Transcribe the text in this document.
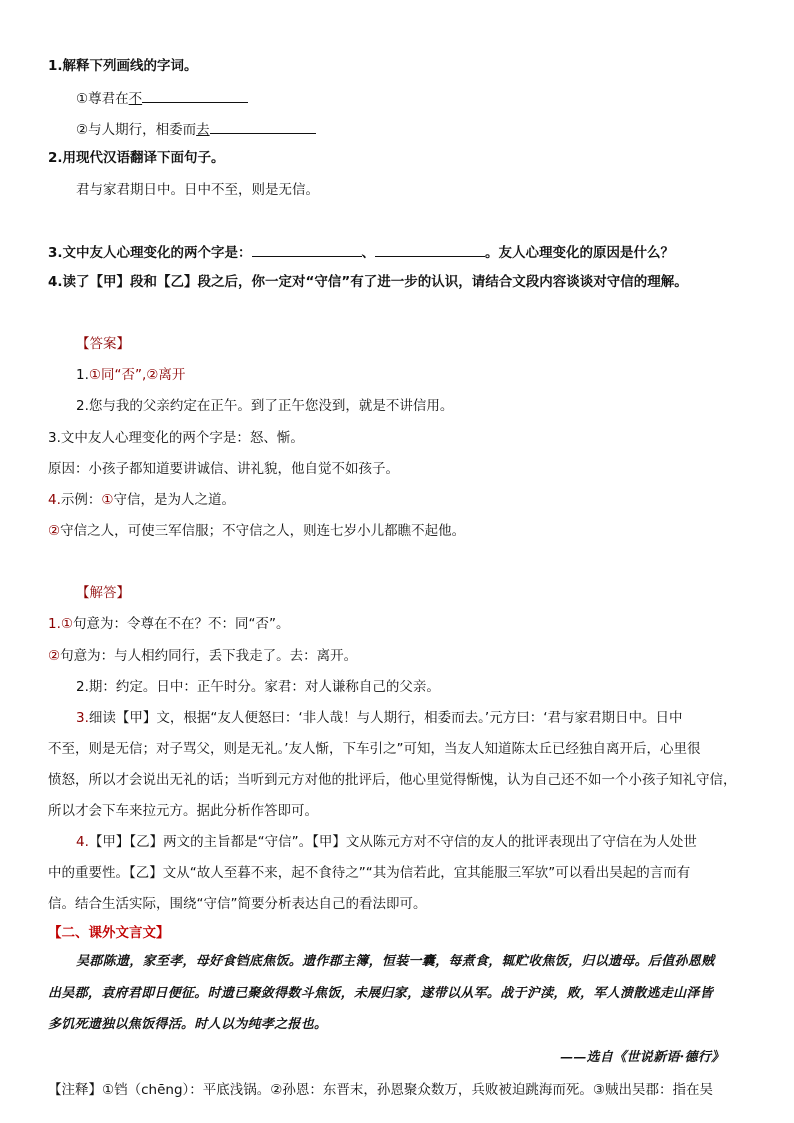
1.解释下列画线的字词。
①尊君在不
②与人期行，相委而去
2.用现代汉语翻译下面句子。
君与家君期日中。日中不至，则是无信。
3.文中友人心理变化的两个字是：	、	。友人心理变化的原因是什么？
4.读了【甲】段和【乙】段之后，你一定对“守信”有了进一步的认识，请结合文段内容谈谈对守信的理解。
【答案】
1.①同“否”,②离开
2.您与我的父亲约定在正午。到了正午您没到，就是不讲信用。
3.文中友人心理变化的两个字是：怒、惭。
原因：小孩子都知道要讲诚信、讲礼貌，他自觉不如孩子。
4.示例：①守信，是为人之道。
②守信之人，可使三军信服；不守信之人，则连七岁小儿都瞧不起他。
【解答】
1.①句意为：令尊在不在？不：同“否”。
②句意为：与人相约同行，丢下我走了。去：离开。
2.期：约定。日中：正午时分。家君：对人谦称自己的父亲。
3.细读【甲】文，根据“友人便怒曰：‘非人哉！与人期行，相委而去。’元方曰：‘君与家君期日中。日中
不至，则是无信；对子骂父，则是无礼。’友人惭，下车引之”可知，当友人知道陈太丘已经独自离开后，心里很
愤怒，所以才会说出无礼的话；当听到元方对他的批评后，他心里觉得惭愧，认为自己还不如一个小孩子知礼守信，
所以才会下车来拉元方。据此分析作答即可。
4.【甲】【乙】两文的主旨都是“守信”。【甲】文从陈元方对不守信的友人的批评表现出了守信在为人处世
中的重要性。【乙】文从“故人至暮不来，起不食待之”“其为信若此，宜其能服三军欤”可以看出吴起的言而有
信。结合生活实际，围绕“守信”简要分析表达自己的看法即可。
【二、课外文言文】
吴郡陈遗，家至孝，母好食铛底焦饭。遗作郡主簿，恒装一囊，每煮食，辄贮收焦饭，归以遗母。后值孙恩贼
出吴郡，袁府君即日便征。时遗已聚敛得数斗焦饭，未展归家，遂带以从军。战于沪渎，败，军人溃散逃走山泽皆
多饥死遗独以焦饭得活。时人以为纯孝之报也。
——选自《世说新语·德行》
【注释】①铛（chēng）：平底浅锅。②孙恩：东晋末，孙恩聚众数万，兵败被迫跳海而死。③贼出吴郡：指在吴
